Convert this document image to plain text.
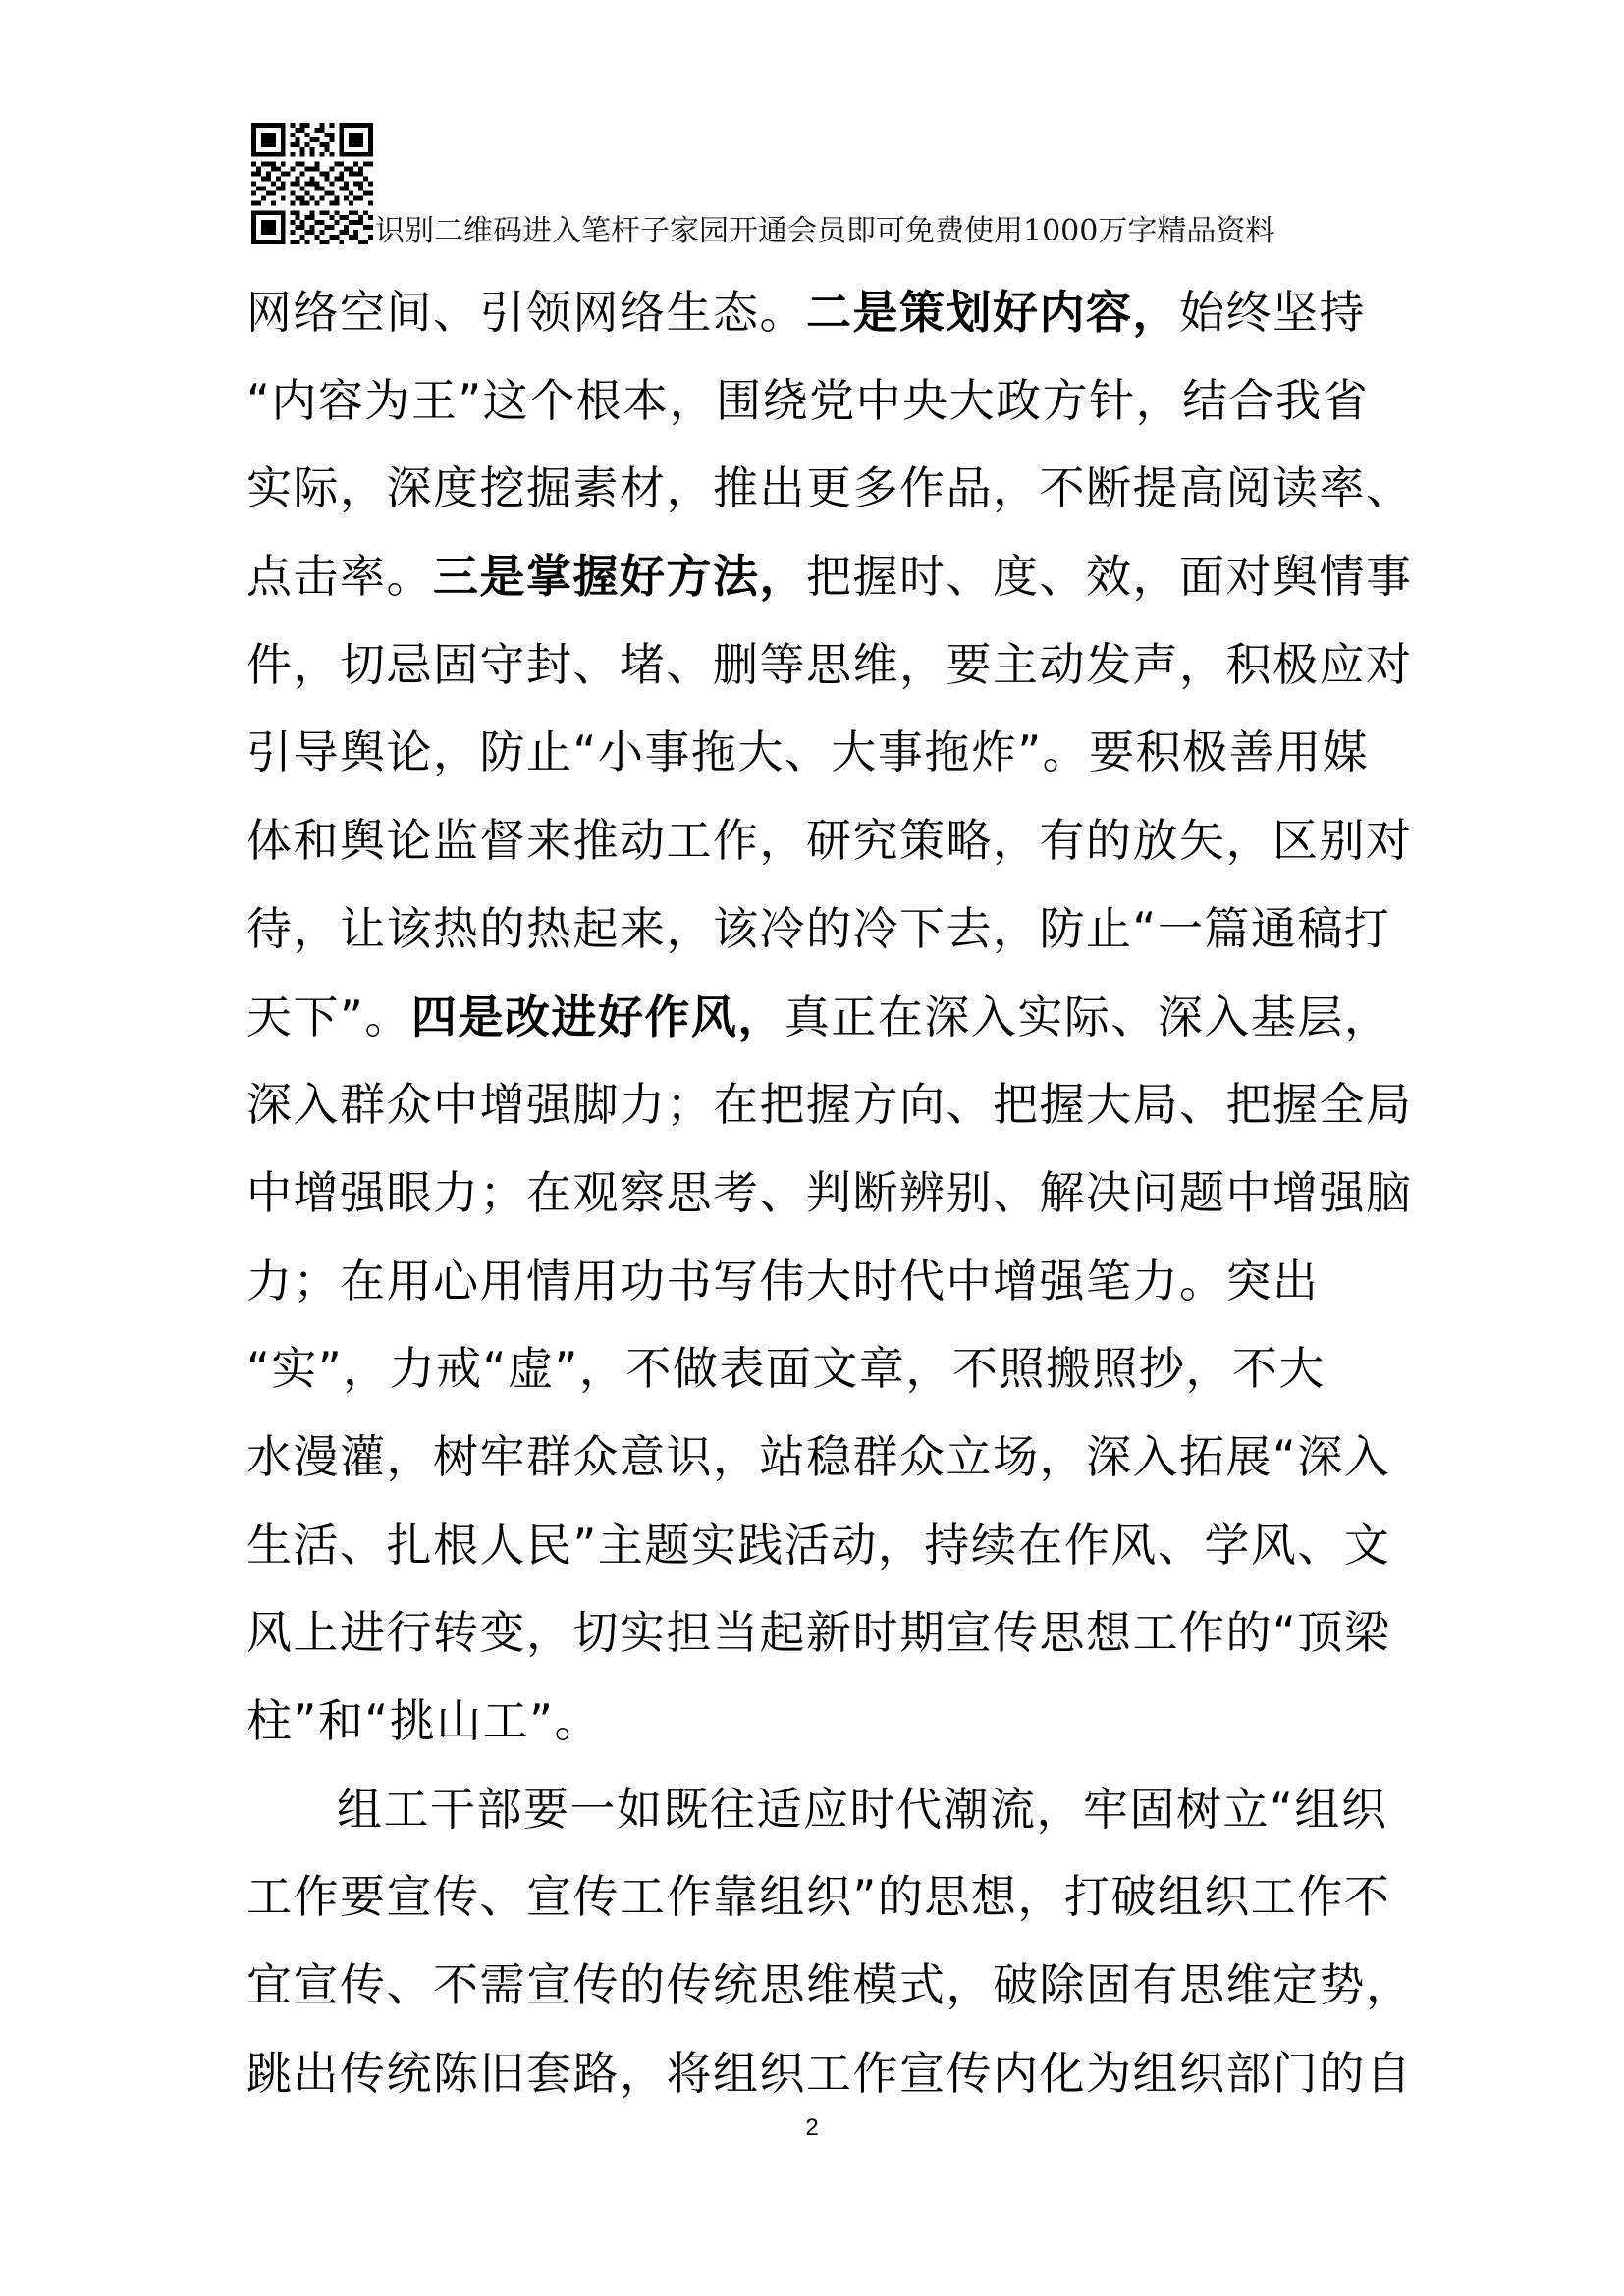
识别二维码进入笔杆子家园开通会员即可免费使用1000万字精品资料
网络空间、引领网络生态。二是策划好内容，始终坚持
“内容为王”这个根本，围绕党中央大政方针，结合我省
实际，深度挖掘素材，推出更多作品，不断提高阅读率、
点击率。三是掌握好方法，把握时、度、效，面对舆情事
件，切忌固守封、堵、删等思维，要主动发声，积极应对
引导舆论，防止“小事拖大、大事拖炸”。要积极善用媒
体和舆论监督来推动工作，研究策略，有的放矢，区别对
待，让该热的热起来，该冷的冷下去，防止“一篇通稿打
天下”。四是改进好作风，真正在深入实际、深入基层，
深入群众中增强脚力；在把握方向、把握大局、把握全局
中增强眼力；在观察思考、判断辨别、解决问题中增强脑
力；在用心用情用功书写伟大时代中增强笔力。突出
“实”，力戒“虚”，不做表面文章，不照搬照抄，不大
水漫灌，树牢群众意识，站稳群众立场，深入拓展“深入
生活、扎根人民”主题实践活动，持续在作风、学风、文
风上进行转变，切实担当起新时期宣传思想工作的“顶梁
柱”和“挑山工”。
组工干部要一如既往适应时代潮流，牢固树立“组织
工作要宣传、宣传工作靠组织”的思想，打破组织工作不
宜宣传、不需宣传的传统思维模式，破除固有思维定势，
跳出传统陈旧套路，将组织工作宣传内化为组织部门的自
2
